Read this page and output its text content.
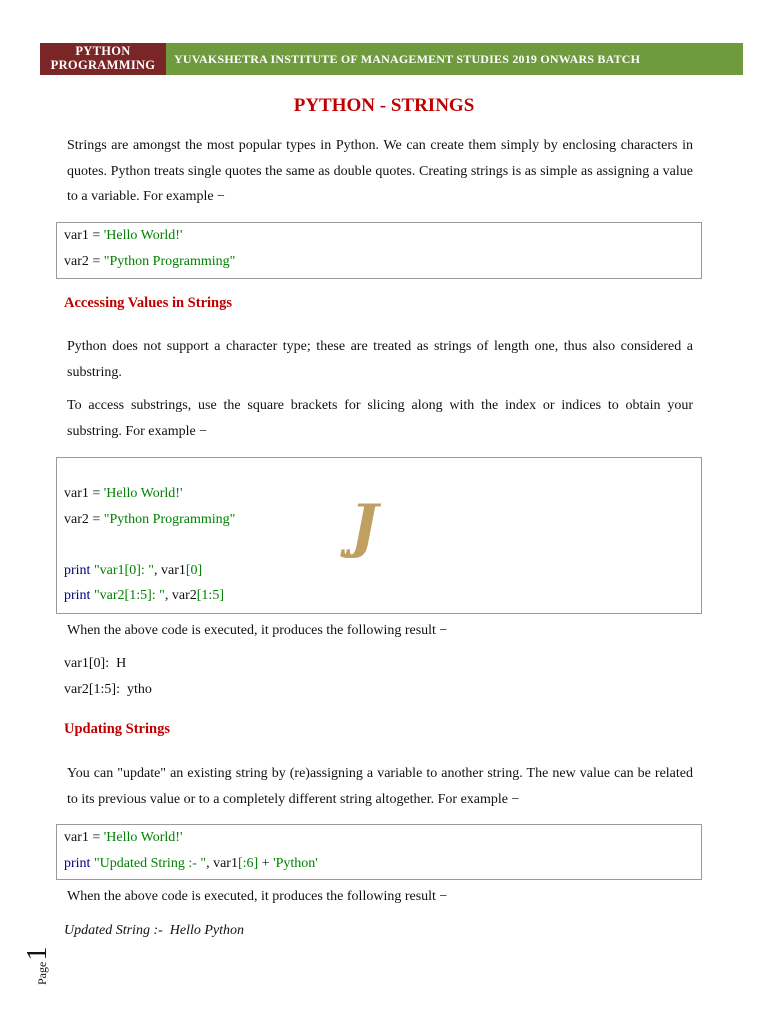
PYTHON
PROGRAMMING	YUVAKSHETRA INSTITUTE OF MANAGEMENT STUDIES 2019 ONWARS BATCH
PYTHON - STRINGS

Strings are amongst the most popular types in Python. We can create them simply by enclosing characters in quotes. Python treats single quotes the same as double quotes. Creating strings is as simple as assigning a value to a variable. For example −

var1 = 'Hello World!'
var2 = "Python Programming"
Accessing Values in Strings

Python does not support a character type; these are treated as strings of length one, thus also considered a substring.

To access substrings, use the square brackets for slicing along with the index or indices to obtain your substring. For example −

var1 = 'Hello World!'
var2 = "Python Programming"

print "var1[0]: ", var1[0]
print "var2[1:5]: ", var2[1:5]
JJ

When the above code is executed, it produces the following result −

var1[0]:  H
var2[1:5]:  ytho
Updating Strings

You can "update" an existing string by (re)assigning a variable to another string. The new value can be related to its previous value or to a completely different string altogether. For example −

var1 = 'Hello World!'
print "Updated String :- ", var1[:6] + 'Python'

When the above code is executed, it produces the following result −

Updated String :-  Hello Python
Page
1
